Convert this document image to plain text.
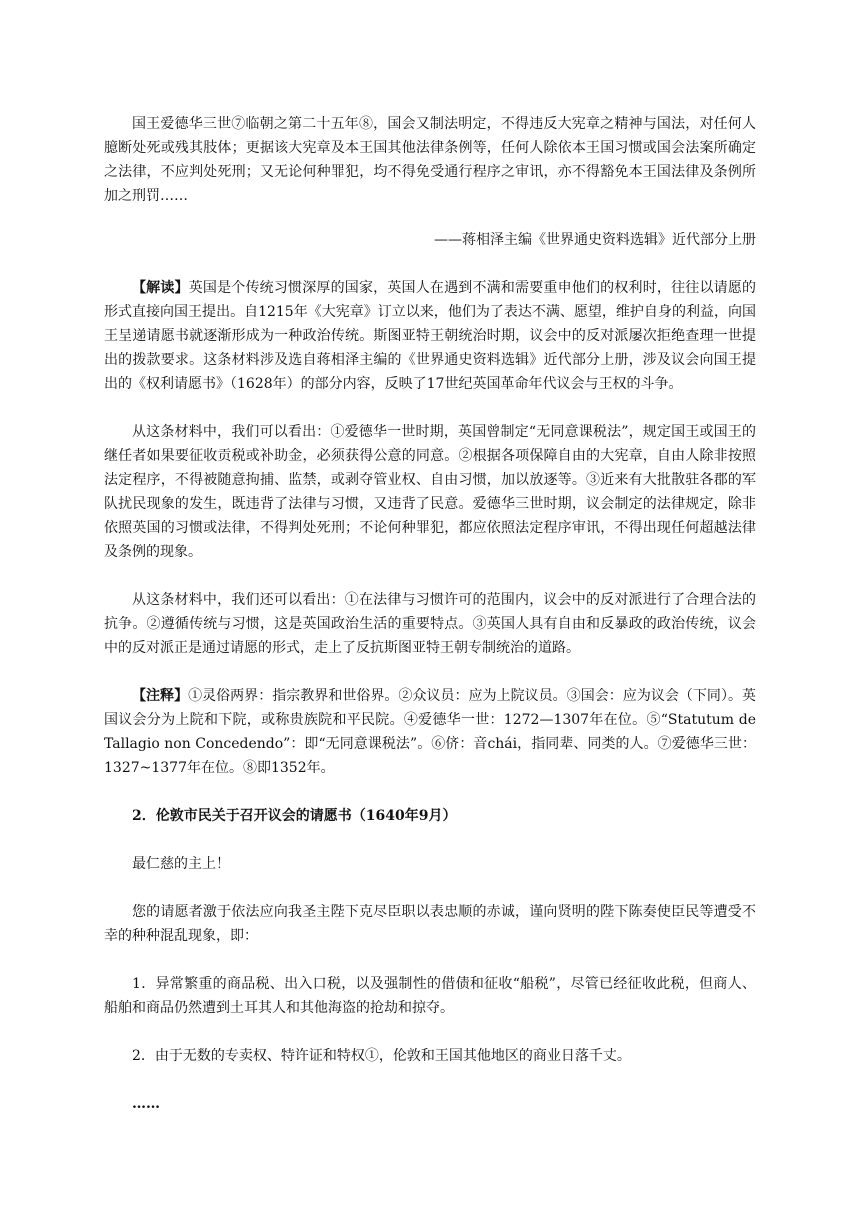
国王爱德华三世⑦临朝之第二十五年⑧，国会又制法明定，不得违反大宪章之精神与国法，对任何人臆断处死或残其肢体；更据该大宪章及本王国其他法律条例等，任何人除依本王国习惯或国会法案所确定之法律，不应判处死刑；又无论何种罪犯，均不得免受通行程序之审讯，亦不得豁免本王国法律及条例所加之刑罚……

——蒋相泽主编《世界通史资料选辑》近代部分上册

【解读】英国是个传统习惯深厚的国家，英国人在遇到不满和需要重申他们的权利时，往往以请愿的形式直接向国王提出。自1215年《大宪章》订立以来，他们为了表达不满、愿望，维护自身的利益，向国王呈递请愿书就逐渐形成为一种政治传统。斯图亚特王朝统治时期，议会中的反对派屡次拒绝查理一世提出的拨款要求。这条材料涉及选自蒋相泽主编的《世界通史资料选辑》近代部分上册，涉及议会向国王提出的《权利请愿书》（1628年）的部分内容，反映了17世纪英国革命年代议会与王权的斗争。

从这条材料中，我们可以看出：①爱德华一世时期，英国曾制定“无同意课税法”，规定国王或国王的继任者如果要征收贡税或补助金，必须获得公意的同意。②根据各项保障自由的大宪章，自由人除非按照法定程序，不得被随意拘捕、监禁，或剥夺管业权、自由习惯，加以放逐等。③近来有大批散驻各郡的军队扰民现象的发生，既违背了法律与习惯，又违背了民意。爱德华三世时期，议会制定的法律规定，除非依照英国的习惯或法律，不得判处死刑；不论何种罪犯，都应依照法定程序审讯，不得出现任何超越法律及条例的现象。

从这条材料中，我们还可以看出：①在法律与习惯许可的范围内，议会中的反对派进行了合理合法的抗争。②遵循传统与习惯，这是英国政治生活的重要特点。③英国人具有自由和反暴政的政治传统，议会中的反对派正是通过请愿的形式，走上了反抗斯图亚特王朝专制统治的道路。

【注释】①灵俗两界：指宗教界和世俗界。②众议员：应为上院议员。③国会：应为议会（下同）。英国议会分为上院和下院，或称贵族院和平民院。④爱德华一世：1272—1307年在位。⑤“Statutum de Tallagio non Concedendo”：即“无同意课税法”。⑥侪：音chái，指同辈、同类的人。⑦爱德华三世：1327~1377年在位。⑧即1352年。

2．伦敦市民关于召开议会的请愿书（1640年9月）

最仁慈的主上！

您的请愿者激于依法应向我圣主陛下克尽臣职以表忠顺的赤诚，谨向贤明的陛下陈奏使臣民等遭受不幸的种种混乱现象，即：

1．异常繁重的商品税、出入口税，以及强制性的借债和征收“船税”，尽管已经征收此税，但商人、船舶和商品仍然遭到土耳其人和其他海盗的抢劫和掠夺。

2．由于无数的专卖权、特许证和特权①，伦敦和王国其他地区的商业日落千丈。

……
